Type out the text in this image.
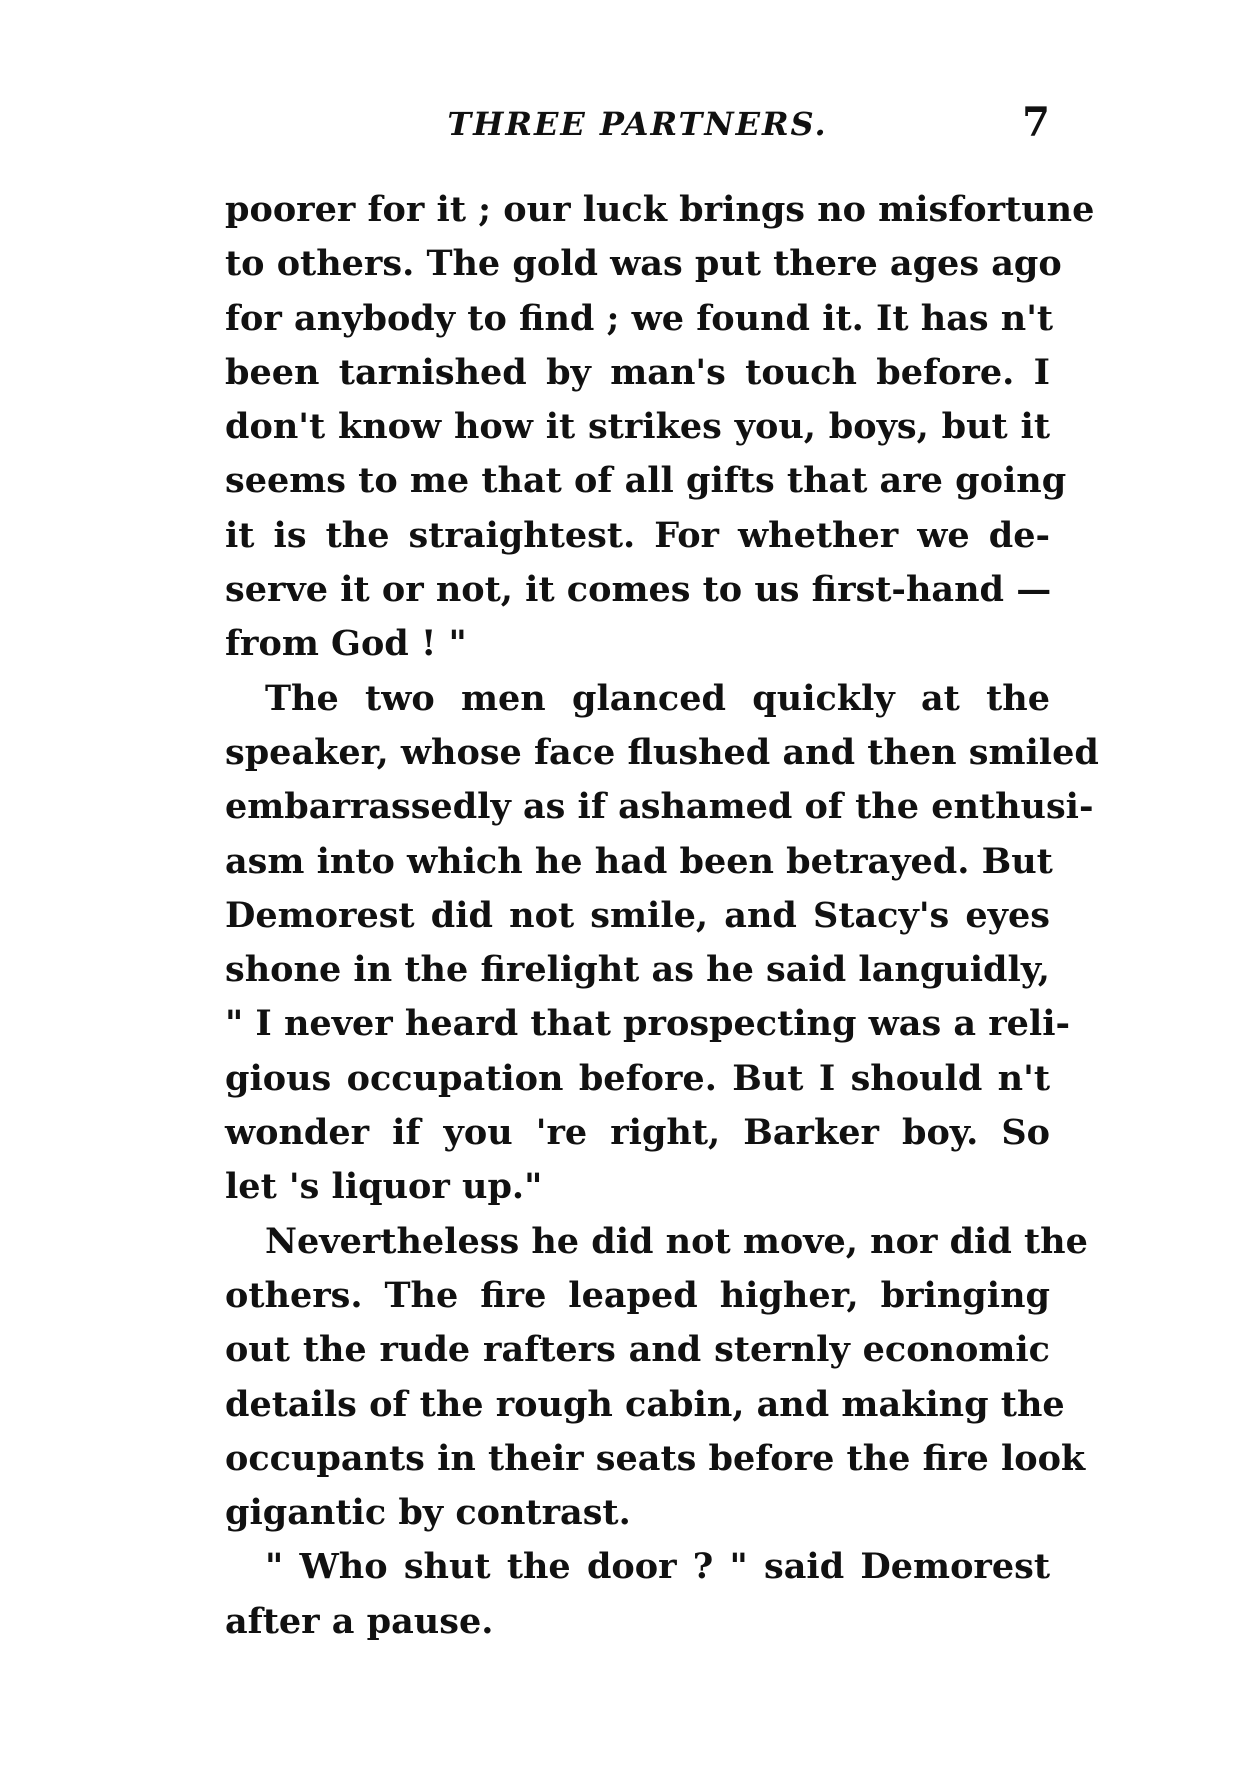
THREE PARTNERS.	7
poorer for it ; our luck brings no misfortune
to others. The gold was put there ages ago
for anybody to find ; we found it. It has n't
been tarnished by man's touch before. I
don't know how it strikes you, boys, but it
seems to me that of all gifts that are going
it is the straightest. For whether we de-
serve it or not, it comes to us first-hand —
from God ! "
The two men glanced quickly at the
speaker, whose face flushed and then smiled
embarrassedly as if ashamed of the enthusi-
asm into which he had been betrayed. But
Demorest did not smile, and Stacy's eyes
shone in the firelight as he said languidly,
" I never heard that prospecting was a reli-
gious occupation before. But I should n't
wonder if you 're right, Barker boy. So
let 's liquor up."
Nevertheless he did not move, nor did the
others. The fire leaped higher, bringing
out the rude rafters and sternly economic
details of the rough cabin, and making the
occupants in their seats before the fire look
gigantic by contrast.
" Who shut the door ? " said Demorest
after a pause.
